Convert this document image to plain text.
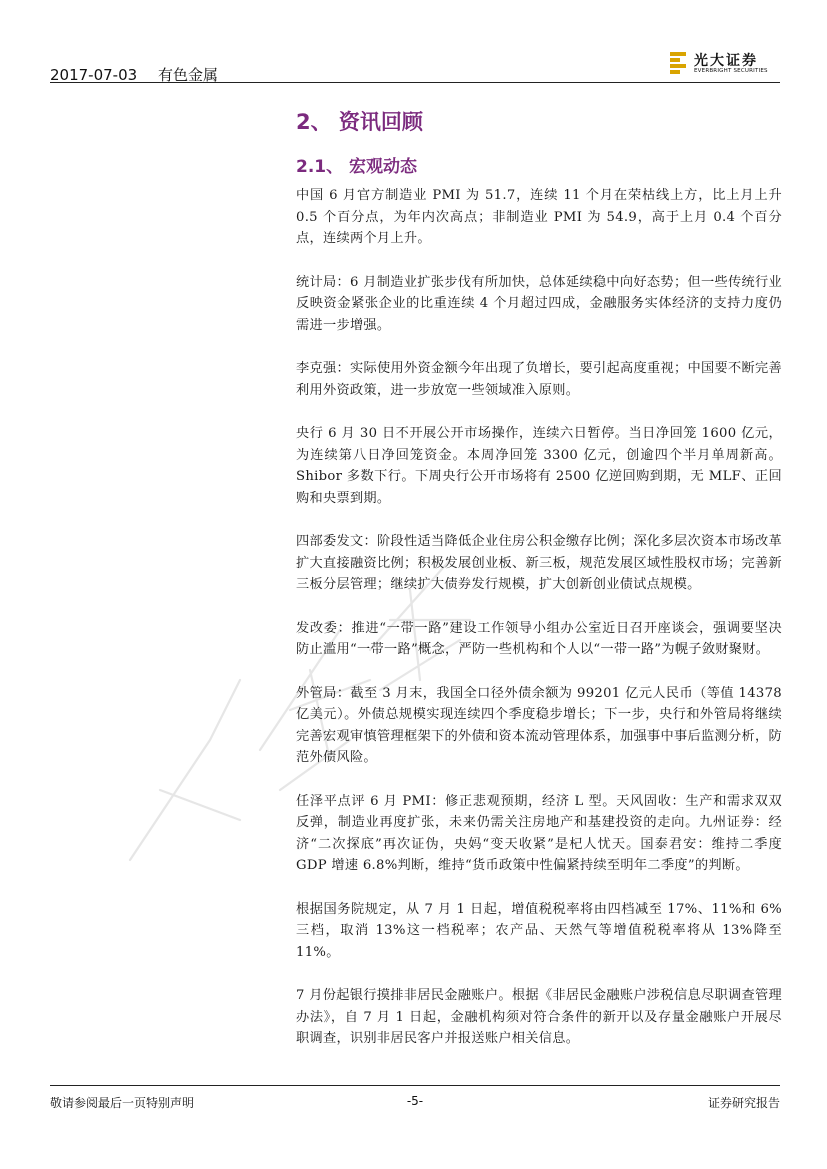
2017-07-03 有色金属
光大证券
EVERBRIGHT SECURITIES
2、 资讯回顾
2.1、 宏观动态

中国 6 月官方制造业 PMI 为 51.7，连续 11 个月在荣枯线上方，比上月上升 0.5 个百分点，为年内次高点；非制造业 PMI 为 54.9，高于上月 0.4 个百分点，连续两个月上升。

统计局：6 月制造业扩张步伐有所加快，总体延续稳中向好态势；但一些传统行业反映资金紧张企业的比重连续 4 个月超过四成，金融服务实体经济的支持力度仍需进一步增强。

李克强：实际使用外资金额今年出现了负增长，要引起高度重视；中国要不断完善利用外资政策，进一步放宽一些领域准入原则。

央行 6 月 30 日不开展公开市场操作，连续六日暂停。当日净回笼 1600 亿元，为连续第八日净回笼资金。本周净回笼 3300 亿元，创逾四个半月单周新高。Shibor 多数下行。下周央行公开市场将有 2500 亿逆回购到期，无 MLF、正回购和央票到期。

四部委发文：阶段性适当降低企业住房公积金缴存比例；深化多层次资本市场改革扩大直接融资比例；积极发展创业板、新三板，规范发展区域性股权市场；完善新三板分层管理；继续扩大债券发行规模，扩大创新创业债试点规模。

发改委：推进“一带一路”建设工作领导小组办公室近日召开座谈会，强调要坚决防止滥用“一带一路”概念，严防一些机构和个人以“一带一路”为幌子敛财聚财。

外管局：截至 3 月末，我国全口径外债余额为 99201 亿元人民币（等值 14378 亿美元）。外债总规模实现连续四个季度稳步增长；下一步，央行和外管局将继续完善宏观审慎管理框架下的外债和资本流动管理体系，加强事中事后监测分析，防范外债风险。

任泽平点评 6 月 PMI：修正悲观预期，经济 L 型。天风固收：生产和需求双双反弹，制造业再度扩张，未来仍需关注房地产和基建投资的走向。九州证券：经济“二次探底”再次证伪，央妈“变天收紧”是杞人忧天。国泰君安：维持二季度 GDP 增速 6.8%判断，维持“货币政策中性偏紧持续至明年二季度”的判断。

根据国务院规定，从 7 月 1 日起，增值税税率将由四档减至 17%、11%和 6%三档，取消 13%这一档税率；农产品、天然气等增值税税率将从 13%降至 11%。

7 月份起银行摸排非居民金融账户。根据《非居民金融账户涉税信息尽职调查管理办法》，自 7 月 1 日起，金融机构须对符合条件的新开以及存量金融账户开展尽职调查，识别非居民客户并报送账户相关信息。

敬请参阅最后一页特别声明	-5-	证券研究报告
